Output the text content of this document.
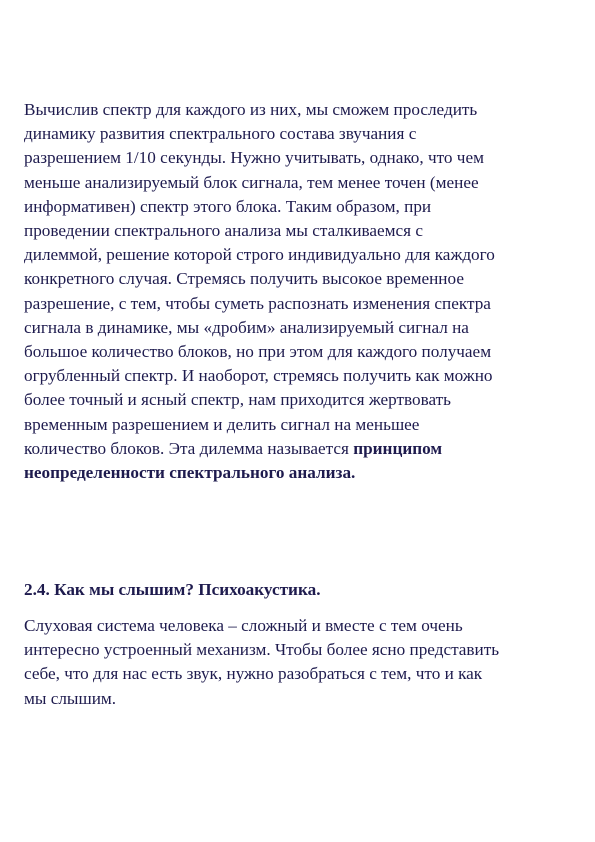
Вычислив спектр для каждого из них, мы сможем проследить
динамику развития спектрального состава звучания с
разрешением 1/10 секунды. Нужно учитывать, однако, что чем
меньше анализируемый блок сигнала, тем менее точен (менее
информативен) спектр этого блока. Таким образом, при
проведении спектрального анализа мы сталкиваемся с
дилеммой, решение которой строго индивидуально для каждого
конкретного случая. Стремясь получить высокое временное
разрешение, с тем, чтобы суметь распознать изменения спектра
сигнала в динамике, мы «дробим» анализируемый сигнал на
большое количество блоков, но при этом для каждого получаем
огрубленный спектр. И наоборот, стремясь получить как можно
более точный и ясный спектр, нам приходится жертвовать
временным разрешением и делить сигнал на меньшее
количество блоков. Эта дилемма называется принципом
неопределенности спектрального анализа.

2.4. Как мы слышим? Психоакустика.

Слуховая система человека – сложный и вместе с тем очень
интересно устроенный механизм. Чтобы более ясно представить
себе, что для нас есть звук, нужно разобраться с тем, что и как
мы слышим.
